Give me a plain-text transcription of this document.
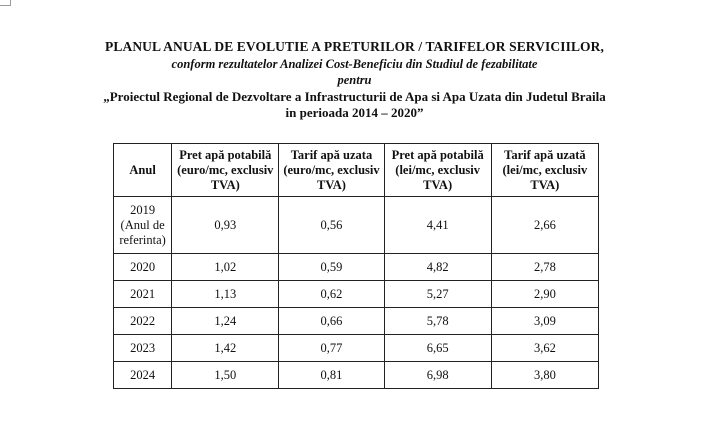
PLANUL ANUAL DE EVOLUTIE A PRETURILOR / TARIFELOR SERVICIILOR,
conform rezultatelor Analizei Cost-Beneficiu din Studiul de fezabilitate
pentru
„Proiectul Regional de Dezvoltare a Infrastructurii de Apa si Apa Uzata din Judetul Braila
in perioada 2014 – 2020”
Anul	Pret apă potabilă (euro/mc, exclusiv TVA)	Tarif apă uzata (euro/mc, exclusiv TVA)	Pret apă potabilă (lei/mc, exclusiv TVA)	Tarif apă uzată (lei/mc, exclusiv TVA)
2019 (Anul de referinta)	0,93	0,56	4,41	2,66
2020	1,02	0,59	4,82	2,78
2021	1,13	0,62	5,27	2,90
2022	1,24	0,66	5,78	3,09
2023	1,42	0,77	6,65	3,62
2024	1,50	0,81	6,98	3,80
